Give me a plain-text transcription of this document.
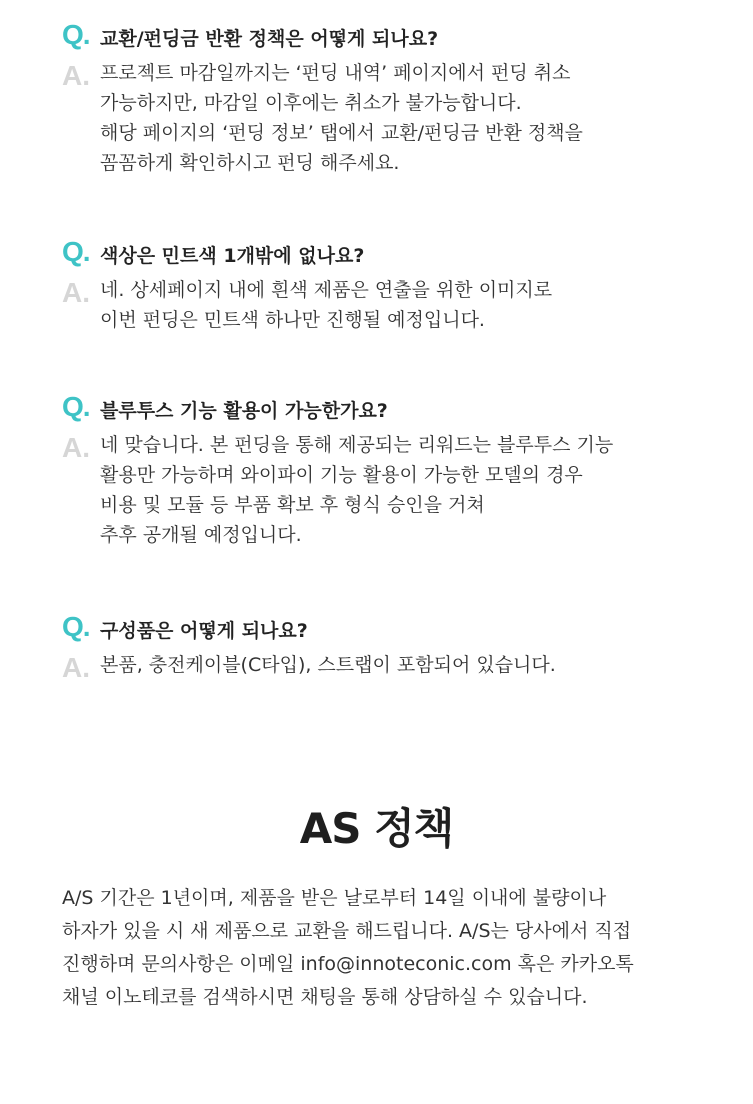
Q. 교환/펀딩금 반환 정책은 어떻게 되나요?
A. 프로젝트 마감일까지는 ‘펀딩 내역’ 페이지에서 펀딩 취소
가능하지만, 마감일 이후에는 취소가 불가능합니다.
해당 페이지의 ‘펀딩 정보’ 탭에서 교환/펀딩금 반환 정책을
꼼꼼하게 확인하시고 펀딩 해주세요.
Q. 색상은 민트색 1개밖에 없나요?
A. 네. 상세페이지 내에 흰색 제품은 연출을 위한 이미지로
이번 펀딩은 민트색 하나만 진행될 예정입니다.
Q. 블루투스 기능 활용이 가능한가요?
A. 네 맞습니다. 본 펀딩을 통해 제공되는 리워드는 블루투스 기능
활용만 가능하며 와이파이 기능 활용이 가능한 모델의 경우
비용 및 모듈 등 부품 확보 후 형식 승인을 거쳐
추후 공개될 예정입니다.
Q. 구성품은 어떻게 되나요?
A. 본품, 충전케이블(C타입), 스트랩이 포함되어 있습니다.
AS 정책
A/S 기간은 1년이며, 제품을 받은 날로부터 14일 이내에 불량이나
하자가 있을 시 새 제품으로 교환을 해드립니다. A/S는 당사에서 직접
진행하며 문의사항은 이메일 info@innoteconic.com 혹은 카카오톡
채널 이노테코를 검색하시면 채팅을 통해 상담하실 수 있습니다.
